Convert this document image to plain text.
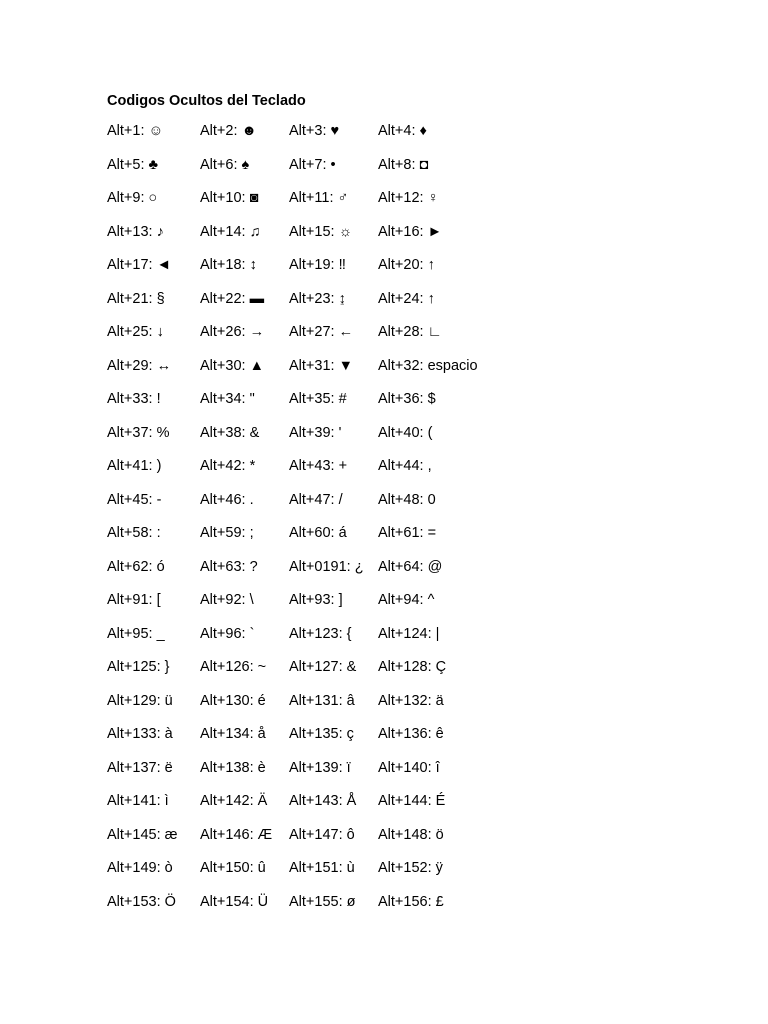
Codigos Ocultos del Teclado
Alt+1: ☺	Alt+2: ☻	Alt+3: ♥	Alt+4: ♦
Alt+5: ♣	Alt+6: ♠	Alt+7: •	Alt+8: ◘
Alt+9: ○	Alt+10: ◙	Alt+11: ♂	Alt+12: ♀
Alt+13: ♪	Alt+14: ♫	Alt+15: ☼	Alt+16: ►
Alt+17: ◄	Alt+18: ↕	Alt+19: ‼	Alt+20: ↑
Alt+21: §	Alt+22: ▬	Alt+23: ↨	Alt+24: ↑
Alt+25: ↓	Alt+26: →	Alt+27: ←	Alt+28: ∟
Alt+29: ↔	Alt+30: ▲	Alt+31: ▼	Alt+32: espacio
Alt+33: !	Alt+34: "	Alt+35: #	Alt+36: $
Alt+37: %	Alt+38: &	Alt+39: '	Alt+40: (
Alt+41: )	Alt+42: *	Alt+43: +	Alt+44: ,
Alt+45: -	Alt+46: .	Alt+47: /	Alt+48: 0
Alt+58: :	Alt+59: ;	Alt+60: á	Alt+61: =
Alt+62: ó	Alt+63: ?	Alt+0191: ¿ Alt+64: @
Alt+91: [	Alt+92: \	Alt+93: ]	Alt+94: ^
Alt+95: _	Alt+96: `	Alt+123: {	Alt+124: |
Alt+125: }	Alt+126: ~	Alt+127: &	Alt+128: Ç
Alt+129: ü	Alt+130: é	Alt+131: â	Alt+132: ä
Alt+133: à	Alt+134: å	Alt+135: ç	Alt+136: ê
Alt+137: ë	Alt+138: è	Alt+139: ï	Alt+140: î
Alt+141: ì	Alt+142: Ä	Alt+143: Å	Alt+144: É
Alt+145: æ	Alt+146: Æ	Alt+147: ô	Alt+148: ö
Alt+149: ò	Alt+150: û	Alt+151: ù	Alt+152: ÿ
Alt+153: Ö	Alt+154: Ü	Alt+155: ø	Alt+156: £
